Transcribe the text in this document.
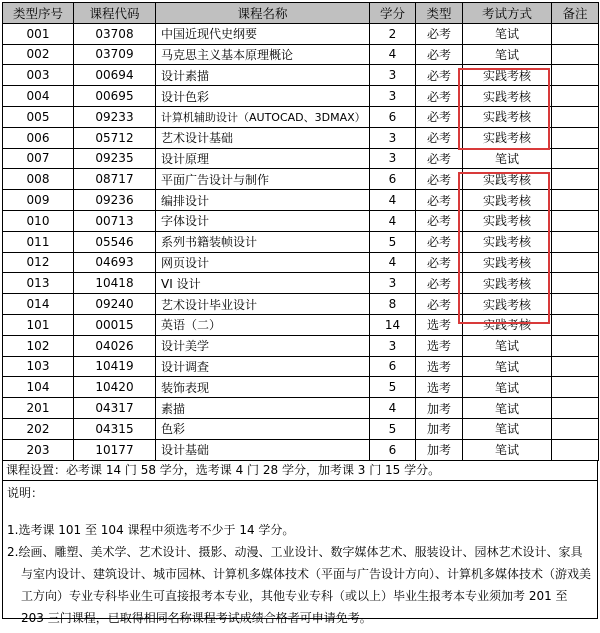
类型序号	课程代码	课程名称	学分	类型	考试方式	备注
001	03708	中国近现代史纲要	2	必考	笔试	
002	03709	马克思主义基本原理概论	4	必考	笔试	
003	00694	设计素描	3	必考	实践考核	
004	00695	设计色彩	3	必考	实践考核	
005	09233	计算机辅助设计（AUTOCAD、3DMAX）	6	必考	实践考核	
006	05712	艺术设计基础	3	必考	实践考核	
007	09235	设计原理	3	必考	笔试	
008	08717	平面广告设计与制作	6	必考	实践考核	
009	09236	编排设计	4	必考	实践考核	
010	00713	字体设计	4	必考	实践考核	
011	05546	系列书籍装帧设计	5	必考	实践考核	
012	04693	网页设计	4	必考	实践考核	
013	10418	VI 设计	3	必考	实践考核	
014	09240	艺术设计毕业设计	8	必考	实践考核	
101	00015	英语（二）	14	选考	实践考核	
102	04026	设计美学	3	选考	笔试	
103	10419	设计调查	6	选考	笔试	
104	10420	装饰表现	5	选考	笔试	
201	04317	素描	4	加考	笔试	
202	04315	色彩	5	加考	笔试	
203	10177	设计基础	6	加考	笔试	
课程设置：必考课 14 门 58 学分，选考课 4 门 28 学分，加考课 3 门 15 学分。
说明：
1.选考课 101 至 104 课程中须选考不少于 14 学分。
2.绘画、雕塑、美术学、艺术设计、摄影、动漫、工业设计、数字媒体艺术、服装设计、园林艺术设计、家具与室内设计、建筑设计、城市园林、计算机多媒体技术（平面与广告设计方向）、计算机多媒体技术（游戏美工方向）专业专科毕业生可直接报考本专业，其他专业专科（或以上）毕业生报考本专业须加考 201 至 203 三门课程，已取得相同名称课程考试成绩合格者可申请免考。
